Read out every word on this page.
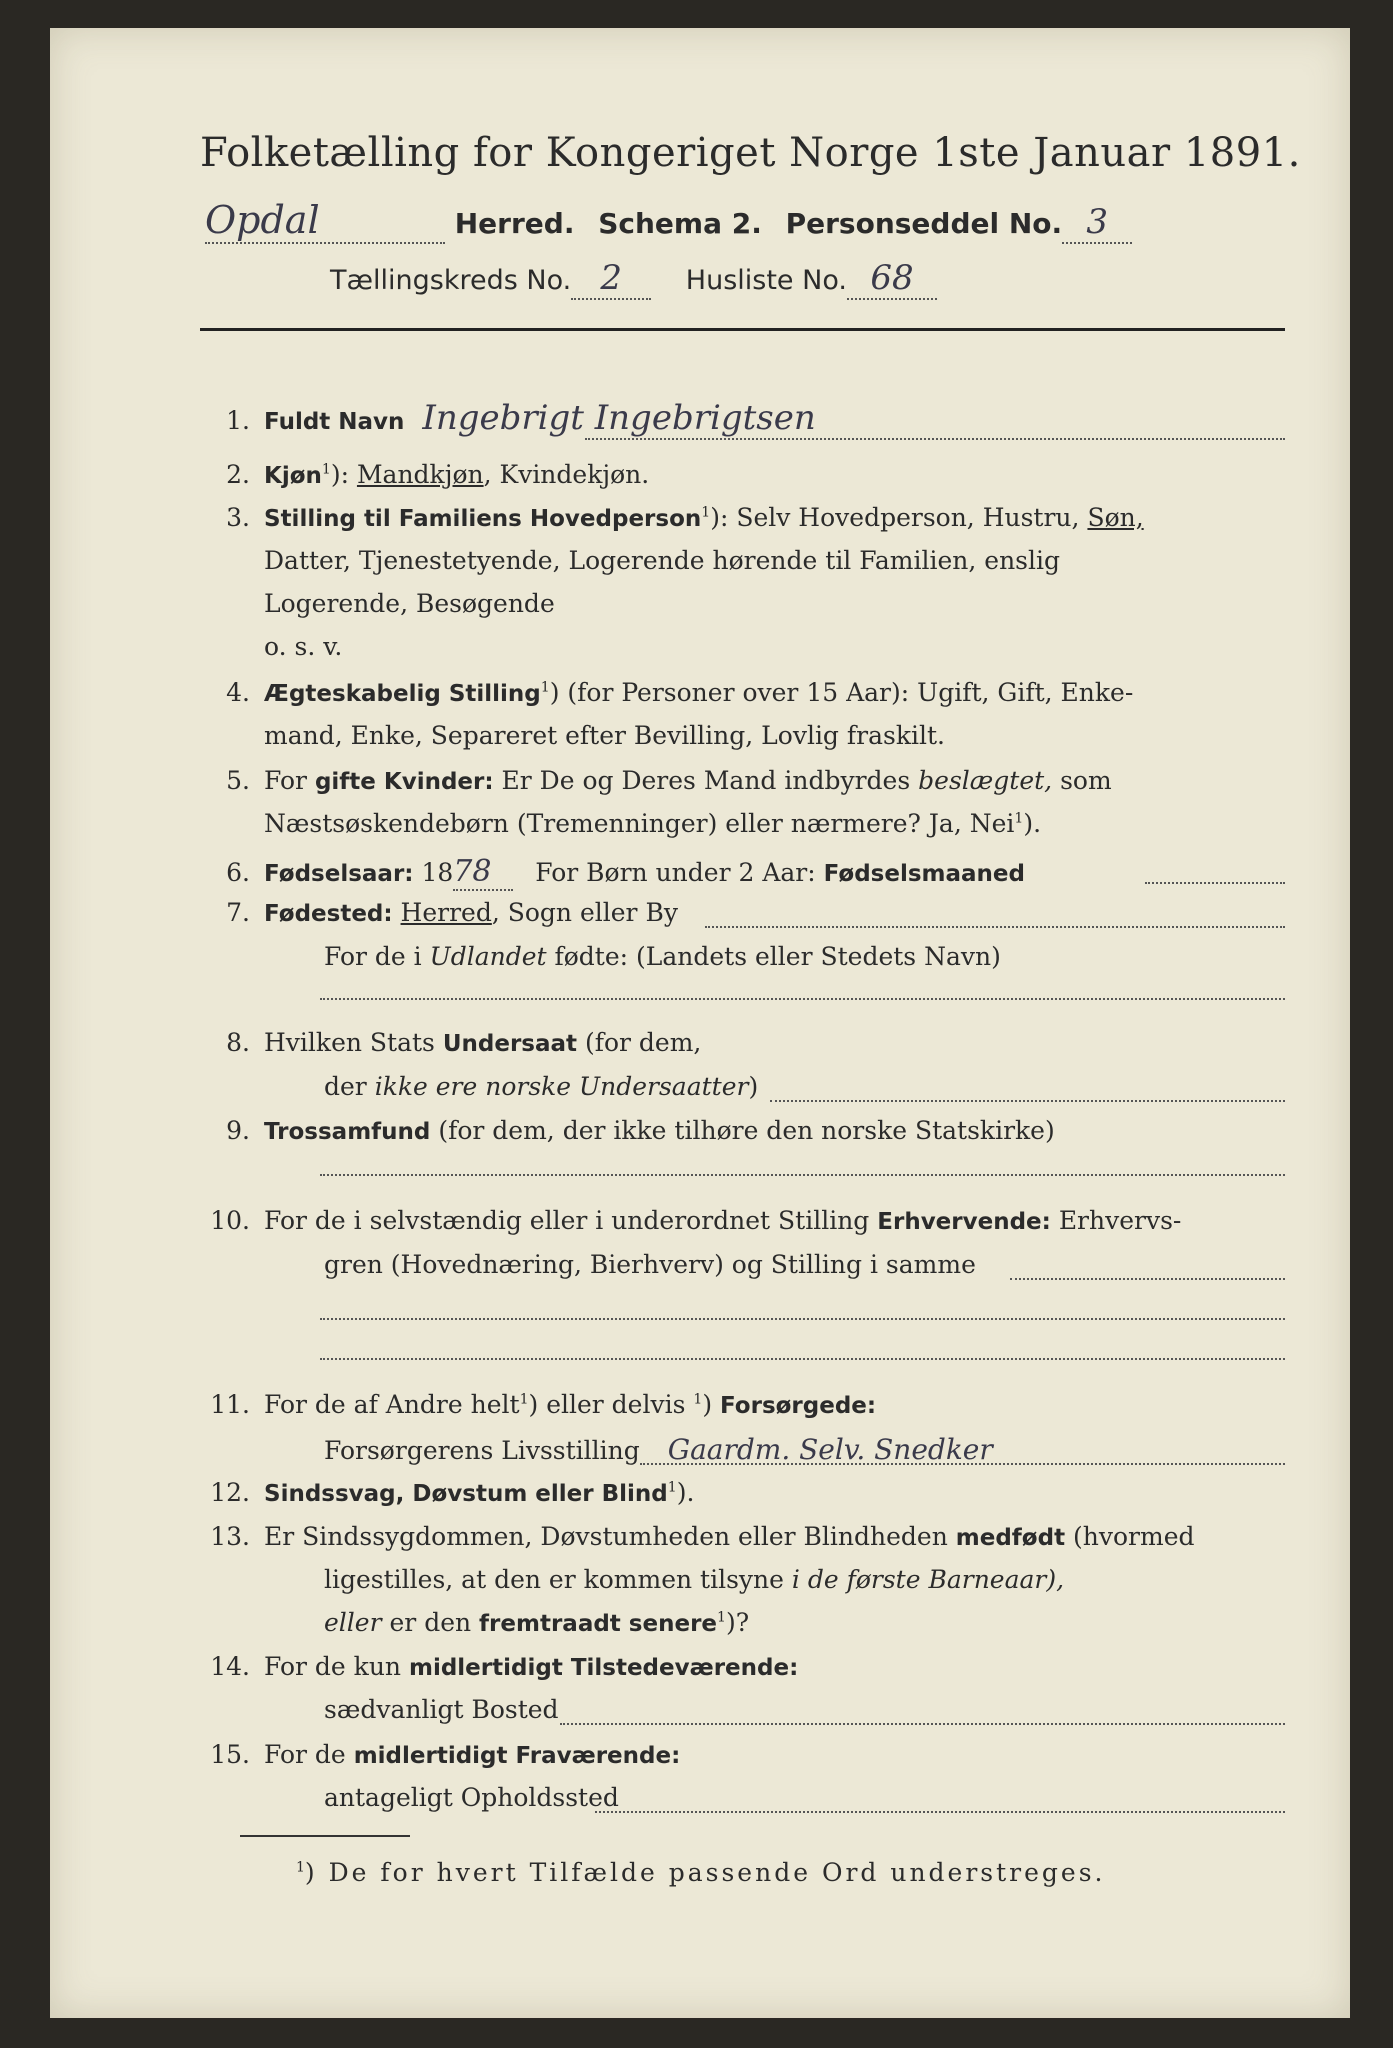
Folketælling for Kongeriget Norge 1ste Januar 1891.
Opdal	Herred. Schema 2. Personseddel No. 3
Tællingskreds No. 2 Husliste No. 68
1. Fuldt Navn Ingebrigt Ingebrigtsen
2. Kjøn$^1$): Mandkjøn, Kvindekjøn.
3. Stilling til Familiens Hovedperson$^1$): Selv Hovedperson, Hustru, Søn,
Datter, Tjenestetyende, Logerende hørende til Familien, enslig
Logerende, Besøgende
o. s. v.
4. Ægteskabelig Stilling$^1$) (for Personer over 15 Aar): Ugift, Gift, Enke-
mand, Enke, Separeret efter Bevilling, Lovlig fraskilt.
5. For gifte Kvinder: Er De og Deres Mand indbyrdes beslægtet, som
Næstsøskendebørn (Tremenninger) eller nærmere? Ja, Nei$^1$).
6. Fødselsaar: 1878 For Børn under 2 Aar: Fødselsmaaned
7. Fødested: Herred, Sogn eller By
For de i Udlandet fødte: (Landets eller Stedets Navn)
8. Hvilken Stats Undersaat (for dem,
der ikke ere norske Undersaatter)
9. Trossamfund (for dem, der ikke tilhøre den norske Statskirke)
10. For de i selvstændig eller i underordnet Stilling Erhvervende: Erhvervs-
gren (Hovednæring, Bierhverv) og Stilling i samme
11. For de af Andre helt$^1$) eller delvis $^1$) Forsørgede:
Forsørgerens Livsstilling Gaardm. Selv. Snedker
12. Sindssvag, Døvstum eller Blind$^1$).
13. Er Sindssygdommen, Døvstumheden eller Blindheden medfødt (hvormed
ligestilles, at den er kommen tilsyne i de første Barneaar),
eller er den fremtraadt senere$^1$)?
14. For de kun midlertidigt Tilstedeværende:
sædvanligt Bosted
15. For de midlertidigt Fraværende:
antageligt Opholdssted
$^1$) De for hvert Tilfælde passende Ord understreges.
